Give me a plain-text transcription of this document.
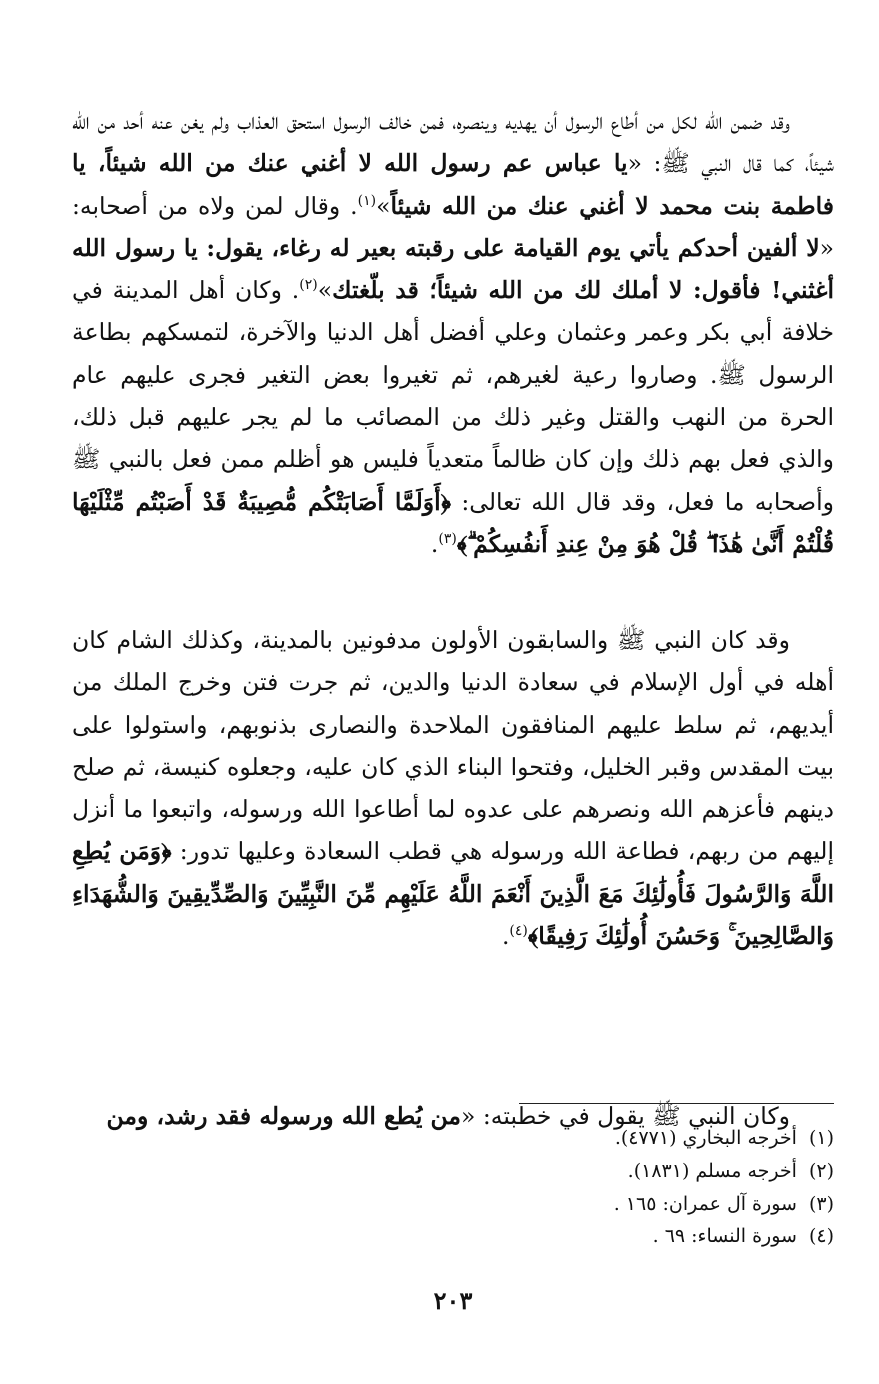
وقد ضمن الله لكل من أطاع الرسول أن يهديه وينصره، فمن خالف الرسول استحق العذاب ولم يغن عنه أحد من الله شيئاً، كما قال النبي ﷺ: «يا عباس عم رسول الله لا أغني عنك من الله شيئاً، يا فاطمة بنت محمد لا أغني عنك من الله شيئاً»$^{(١)}$. وقال لمن ولاه من أصحابه: «لا ألفين أحدكم يأتي يوم القيامة على رقبته بعير له رغاء، يقول: يا رسول الله أغثني! فأقول: لا أملك لك من الله شيئاً؛ قد بلّغتك»$^{(٢)}$. وكان أهل المدينة في خلافة أبي بكر وعمر وعثمان وعلي أفضل أهل الدنيا والآخرة، لتمسكهم بطاعة الرسول ﷺ. وصاروا رعية لغيرهم، ثم تغيروا بعض التغير فجرى عليهم عام الحرة من النهب والقتل وغير ذلك من المصائب ما لم يجر عليهم قبل ذلك، والذي فعل بهم ذلك وإن كان ظالماً متعدياً فليس هو أظلم ممن فعل بالنبي ﷺ وأصحابه ما فعل، وقد قال الله تعالى: ﴿أَوَلَمَّا أَصَابَتْكُم مُّصِيبَةٌ قَدْ أَصَبْتُم مِّثْلَيْهَا قُلْتُمْ أَنَّىٰ هَٰذَا ۖ قُلْ هُوَ مِنْ عِندِ أَنفُسِكُمْ ۗ﴾$^{(٣)}$.

وقد كان النبي ﷺ والسابقون الأولون مدفونين بالمدينة، وكذلك الشام كان أهله في أول الإسلام في سعادة الدنيا والدين، ثم جرت فتن وخرج الملك من أيديهم، ثم سلط عليهم المنافقون الملاحدة والنصارى بذنوبهم، واستولوا على بيت المقدس وقبر الخليل، وفتحوا البناء الذي كان عليه، وجعلوه كنيسة، ثم صلح دينهم فأعزهم الله ونصرهم على عدوه لما أطاعوا الله ورسوله، واتبعوا ما أنزل إليهم من ربهم، فطاعة الله ورسوله هي قطب السعادة وعليها تدور: ﴿وَمَن يُطِعِ اللَّهَ وَالرَّسُولَ فَأُولَٰئِكَ مَعَ الَّذِينَ أَنْعَمَ اللَّهُ عَلَيْهِم مِّنَ النَّبِيِّينَ وَالصِّدِّيقِينَ وَالشُّهَدَاءِ وَالصَّالِحِينَ ۚ وَحَسُنَ أُولَٰئِكَ رَفِيقًا﴾$^{(٤)}$.

وكان النبي ﷺ يقول في خطبته: «من يُطع الله ورسوله فقد رشد، ومن

(١)أخرجه البخاري (٤٧٧١).
(٢)أخرجه مسلم (١٨٣١).
(٣)سورة آل عمران: ١٦٥ .
(٤)سورة النساء: ٦٩ .
٢٠٣
